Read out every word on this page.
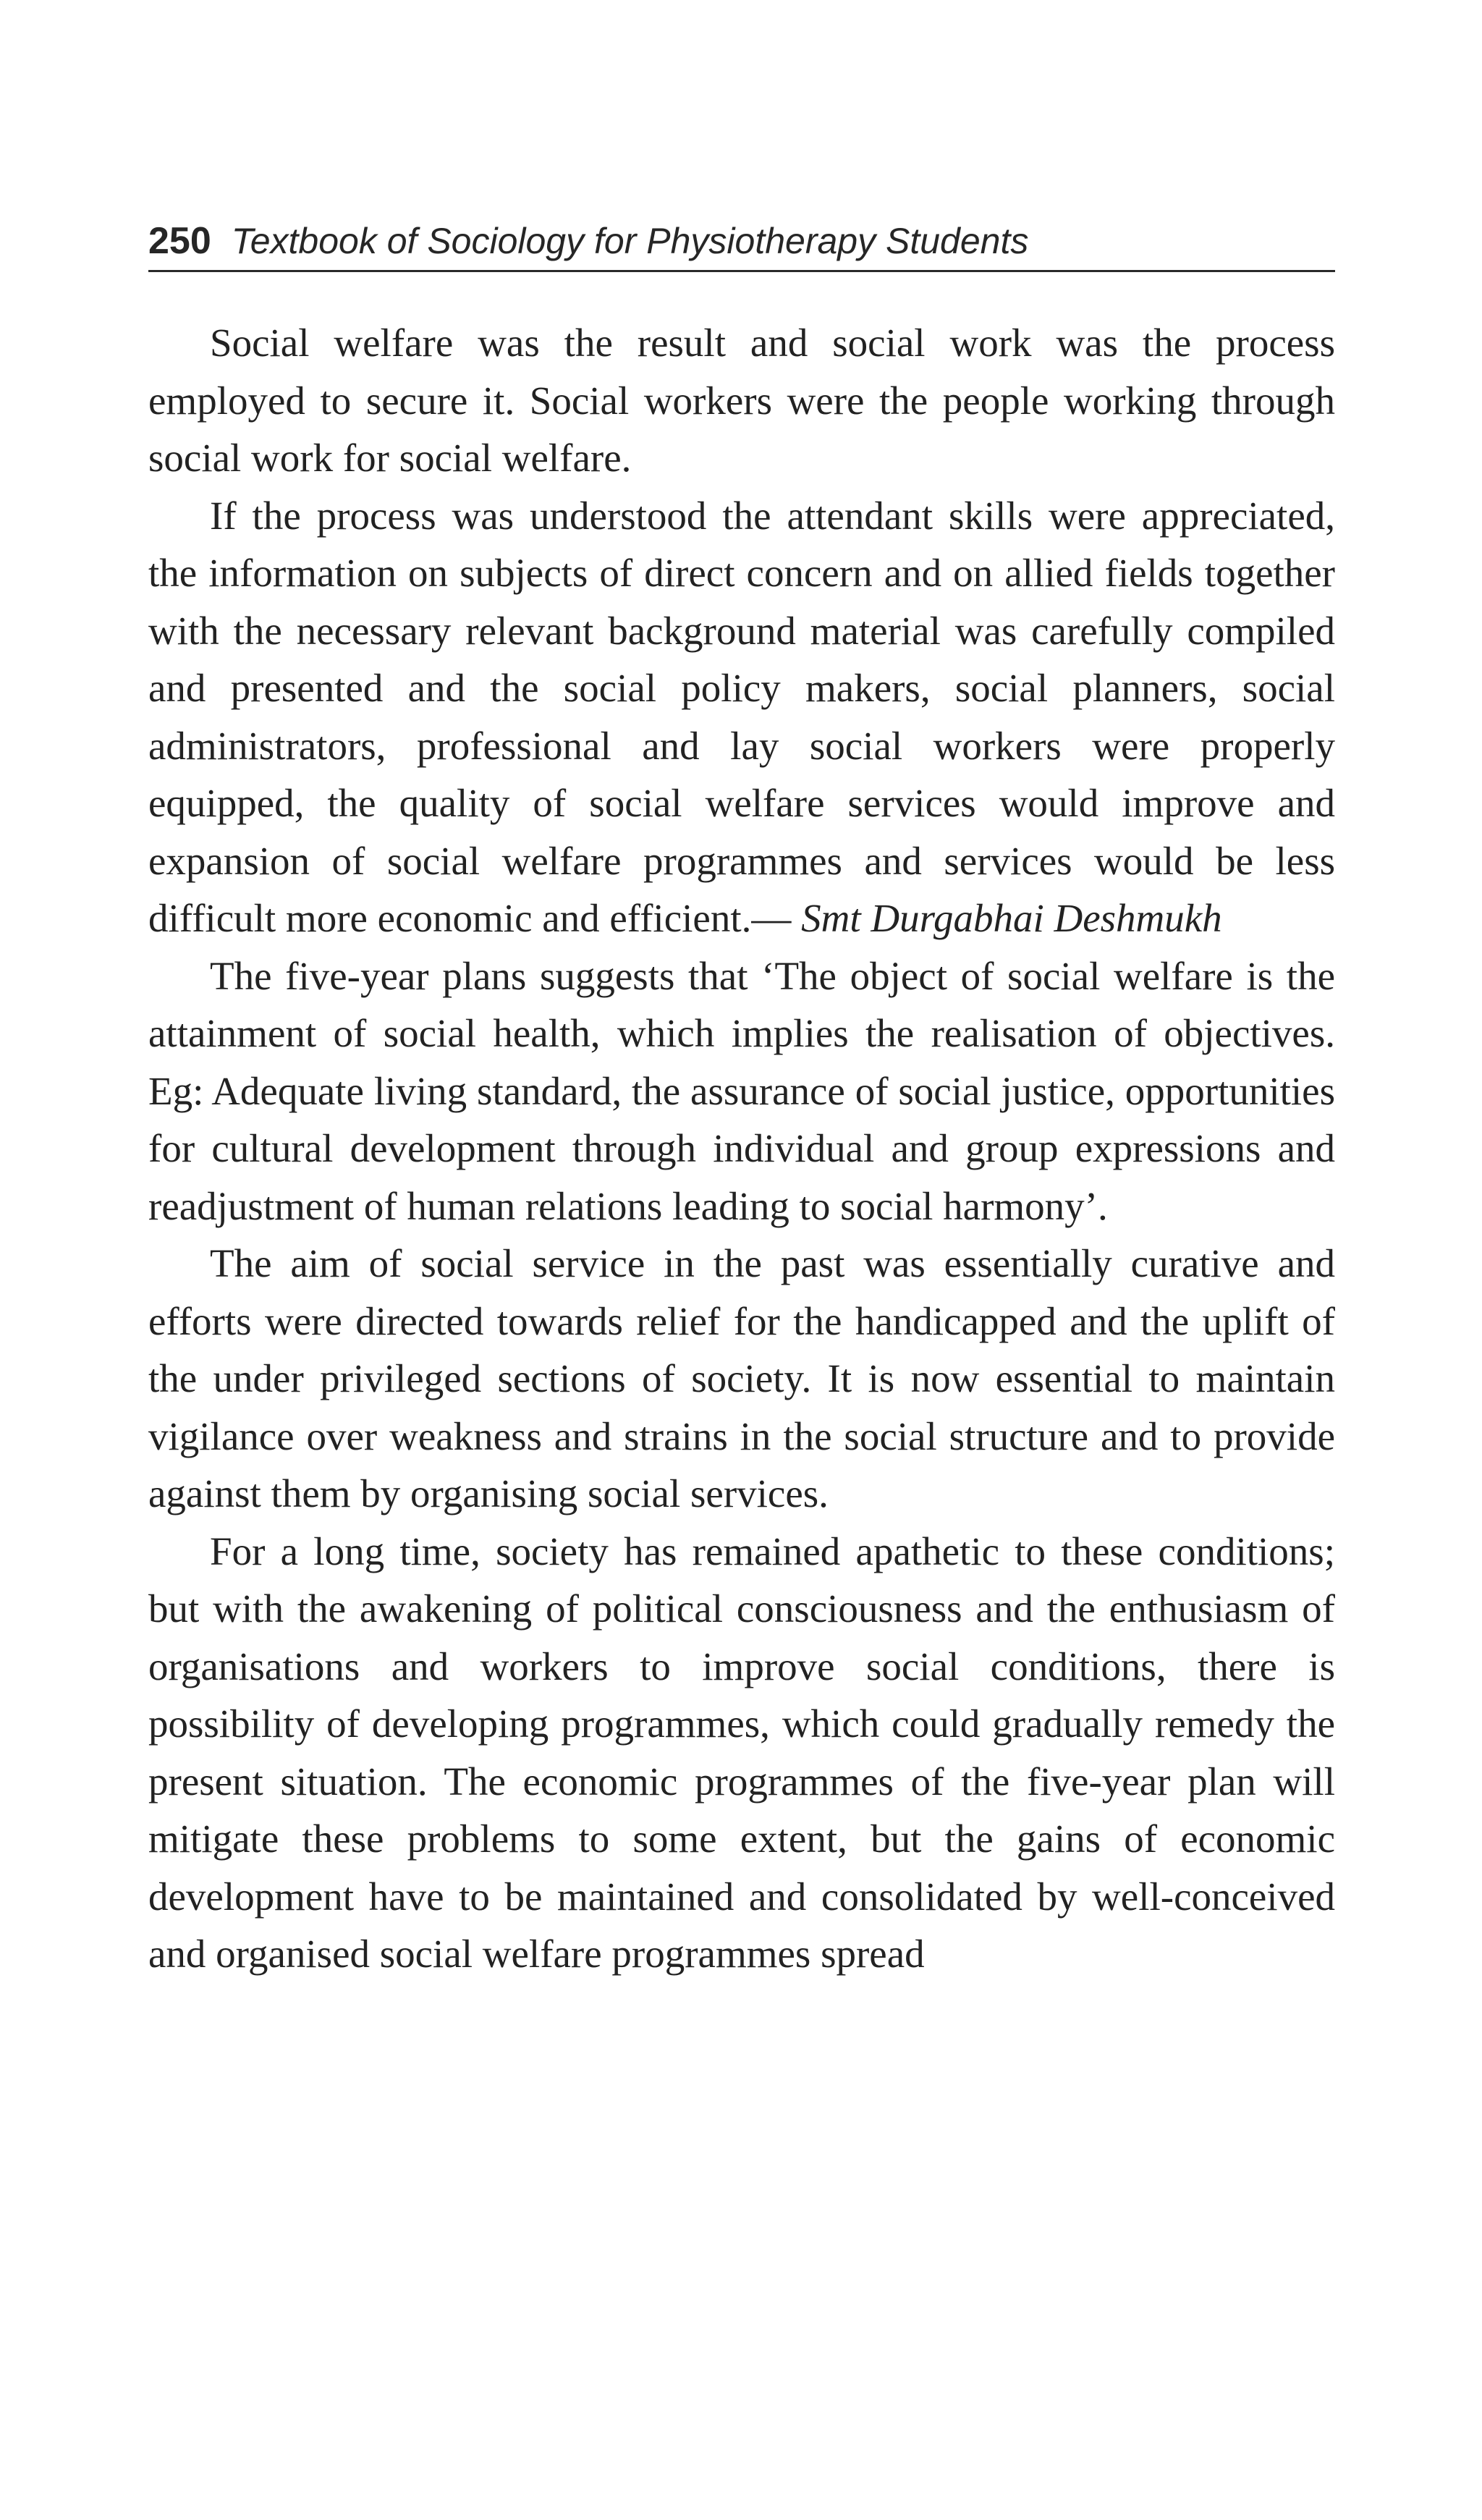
250 Textbook of Sociology for Physiotherapy Students

Social welfare was the result and social work was the process employed to secure it. Social workers were the people working through social work for social welfare.

If the process was understood the attendant skills were appreciated, the information on subjects of direct concern and on allied fields together with the necessary relevant background material was carefully compiled and presented and the social policy makers, social planners, social administrators, professional and lay social workers were properly equipped, the quality of social welfare services would improve and expansion of social welfare programmes and services would be less difficult more economic and efficient.— Smt Durgabhai Deshmukh

The five-year plans suggests that ‘The object of social welfare is the attainment of social health, which implies the realisation of objectives. Eg: Adequate living standard, the assurance of social justice, opportunities for cultural development through individual and group expressions and readjustment of human relations leading to social harmony’.

The aim of social service in the past was essentially curative and efforts were directed towards relief for the handicapped and the uplift of the under privileged sections of society. It is now essential to maintain vigilance over weakness and strains in the social structure and to provide against them by organising social services.

For a long time, society has remained apathetic to these conditions; but with the awakening of political consciousness and the enthusiasm of organisations and workers to improve social conditions, there is possibility of developing programmes, which could gradually remedy the present situation. The economic programmes of the five-year plan will mitigate these problems to some extent, but the gains of economic development have to be maintained and consolidated by well-conceived and organised social welfare programmes spread
